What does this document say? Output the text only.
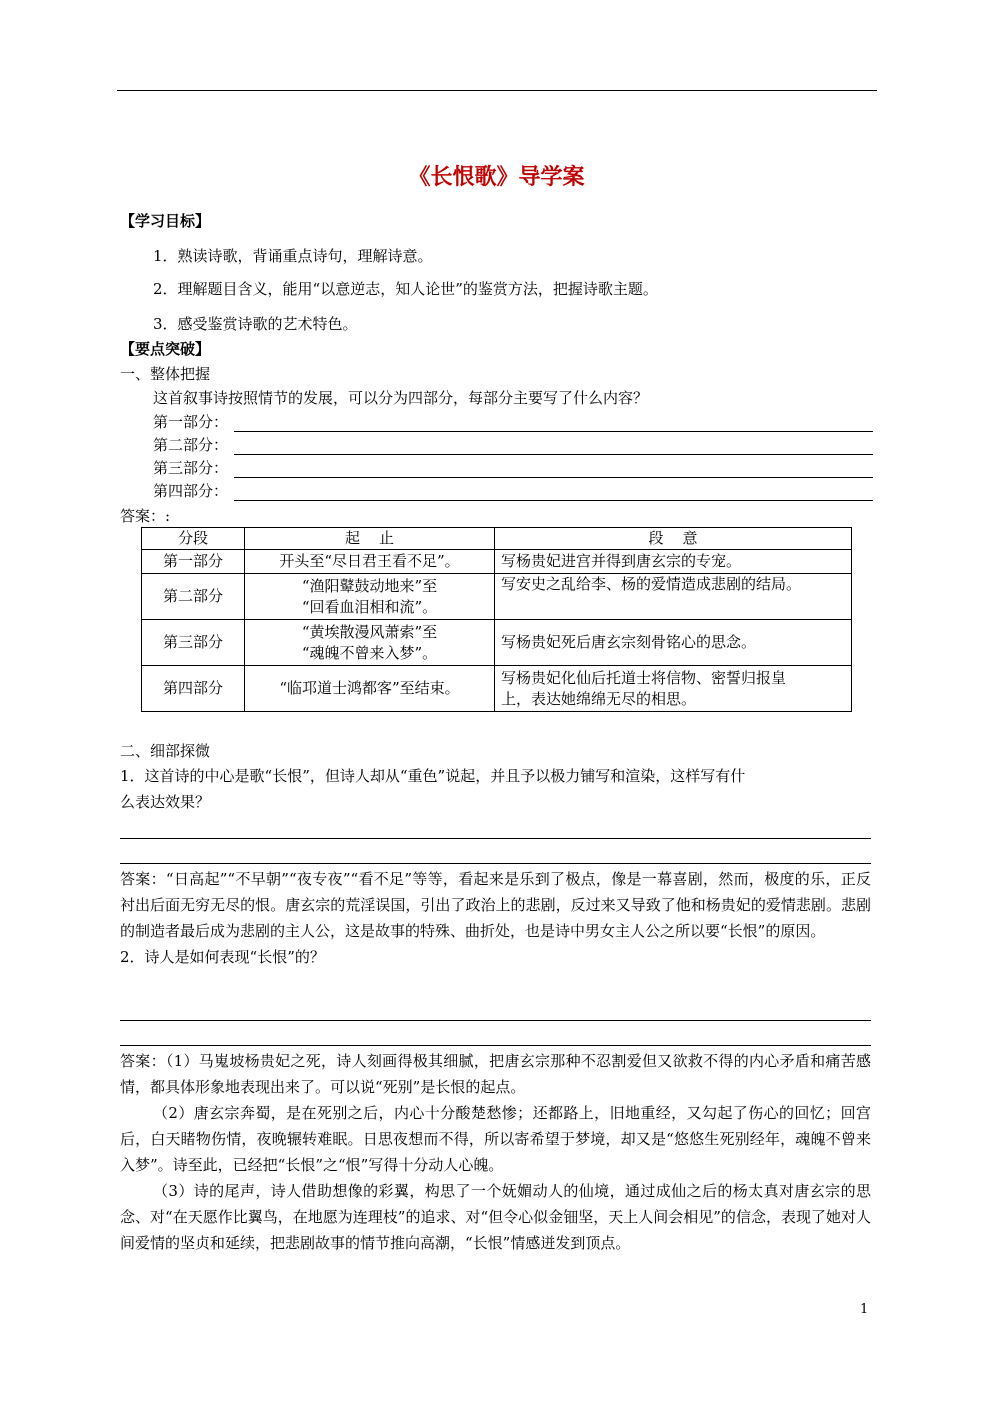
《长恨歌》导学案
【学习目标】
1．熟读诗歌，背诵重点诗句，理解诗意。
2．理解题目含义，能用“以意逆志，知人论世”的鉴赏方法，把握诗歌主题。
3．感受鉴赏诗歌的艺术特色。
【要点突破】
一、整体把握
这首叙事诗按照情节的发展，可以分为四部分，每部分主要写了什么内容？
第一部分：
第二部分：
第三部分：
第四部分：
答案：:
分段	起    止	段    意
第一部分	开头至“尽日君王看不足”。	写杨贵妃进宫并得到唐玄宗的专宠。

第二部分	“渔阳鼙鼓动地来”至
“回看血泪相和流”。	写安史之乱给李、杨的爱情造成悲剧的结局。

第三部分	“黄埃散漫风萧索”至
“魂魄不曾来入梦”。	写杨贵妃死后唐玄宗刻骨铭心的思念。

第四部分	“临邛道士鸿都客”至结束。	写杨贵妃化仙后托道士将信物、密誓归报皇
上，表达她绵绵无尽的相思。
二、细部探微
1．这首诗的中心是歌“长恨”，但诗人却从“重色”说起，并且予以极力铺写和渲染，这样写有什
么表达效果？

答案：“日高起”“不早朝”“夜专夜”“看不足”等等，看起来是乐到了极点，像是一幕喜剧，然而，极度的乐，正反衬出后面无穷无尽的恨。唐玄宗的荒淫误国，引出了政治上的悲剧，反过来又导致了他和杨贵妃的爱情悲剧。悲剧的制造者最后成为悲剧的主人公，这是故事的特殊、曲折处，也是诗中男女主人公之所以要“长恨”的原因。

2．诗人是如何表现“长恨”的？

答案：（1）马嵬坡杨贵妃之死，诗人刻画得极其细腻，把唐玄宗那种不忍割爱但又欲救不得的内心矛盾和痛苦感情，都具体形象地表现出来了。可以说“死别”是长恨的起点。

（2）唐玄宗奔蜀，是在死别之后，内心十分酸楚愁惨；还都路上，旧地重经，又勾起了伤心的回忆；回宫后，白天睹物伤情，夜晚辗转难眠。日思夜想而不得，所以寄希望于梦境，却又是“悠悠生死别经年，魂魄不曾来入梦”。诗至此，已经把“长恨”之“恨”写得十分动人心魄。

（3）诗的尾声，诗人借助想像的彩翼，构思了一个妩媚动人的仙境，通过成仙之后的杨太真对唐玄宗的思念、对“在天愿作比翼鸟，在地愿为连理枝”的追求、对“但令心似金钿坚，天上人间会相见”的信念，表现了她对人间爱情的坚贞和延续，把悲剧故事的情节推向高潮，“长恨”情感迸发到顶点。

1
